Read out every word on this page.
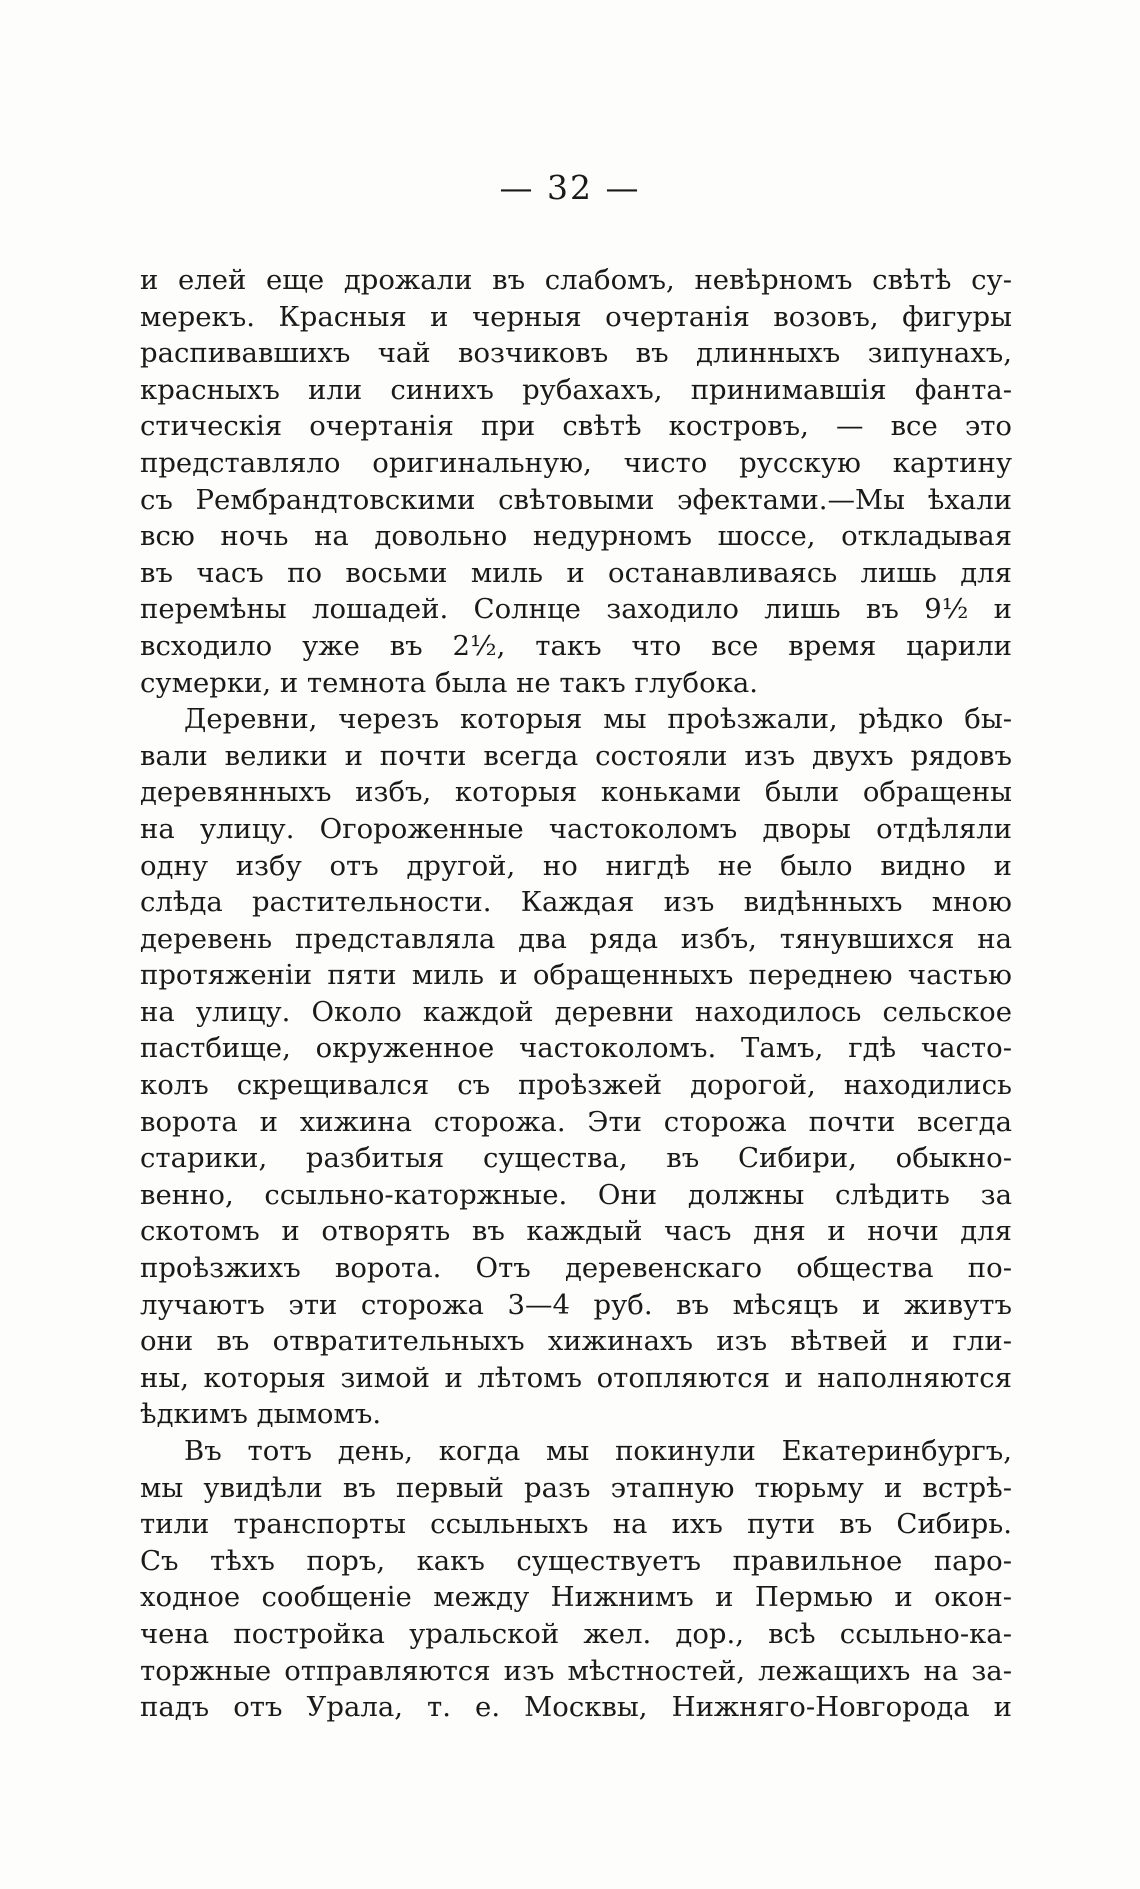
— 32 —
и елей еще дрожали въ слабомъ, невѣрномъ свѣтѣ су-
мерекъ. Красныя и черныя очертанія возовъ, фигуры
распивавшихъ чай возчиковъ въ длинныхъ зипунахъ,
красныхъ или синихъ рубахахъ, принимавшія фанта-
стическія очертанія при свѣтѣ костровъ, — все это
представляло оригинальную, чисто русскую картину
съ Рембрандтовскими свѣтовыми эфектами.—Мы ѣхали
всю ночь на довольно недурномъ шоссе, откладывая
въ часъ по восьми миль и останавливаясь лишь для
перемѣны лошадей. Солнце заходило лишь въ 9½ и
всходило уже въ 2½, такъ что все время царили
сумерки, и темнота была не такъ глубока.
Деревни, черезъ которыя мы проѣзжали, рѣдко бы-
вали велики и почти всегда состояли изъ двухъ рядовъ
деревянныхъ избъ, которыя коньками были обращены
на улицу. Огороженные частоколомъ дворы отдѣляли
одну избу отъ другой, но нигдѣ не было видно и
слѣда растительности. Каждая изъ видѣнныхъ мною
деревень представляла два ряда избъ, тянувшихся на
протяженіи пяти миль и обращенныхъ переднею частью
на улицу. Около каждой деревни находилось сельское
пастбище, окруженное частоколомъ. Тамъ, гдѣ часто-
колъ скрещивался съ проѣзжей дорогой, находились
ворота и хижина сторожа. Эти сторожа почти всегда
старики, разбитыя существа, въ Сибири, обыкно-
венно, ссыльно-каторжные. Они должны слѣдить за
скотомъ и отворять въ каждый часъ дня и ночи для
проѣзжихъ ворота. Отъ деревенскаго общества по-
лучаютъ эти сторожа 3—4 руб. въ мѣсяцъ и живутъ
они въ отвратительныхъ хижинахъ изъ вѣтвей и гли-
ны, которыя зимой и лѣтомъ отопляются и наполняются
ѣдкимъ дымомъ.
Въ тотъ день, когда мы покинули Екатеринбургъ,
мы увидѣли въ первый разъ этапную тюрьму и встрѣ-
тили транспорты ссыльныхъ на ихъ пути въ Сибирь.
Съ тѣхъ поръ, какъ существуетъ правильное паро-
ходное сообщеніе между Нижнимъ и Пермью и окон-
чена постройка уральской жел. дор., всѣ ссыльно-ка-
торжные отправляются изъ мѣстностей, лежащихъ на за-
падъ отъ Урала, т. е. Москвы, Нижняго-Новгорода и
